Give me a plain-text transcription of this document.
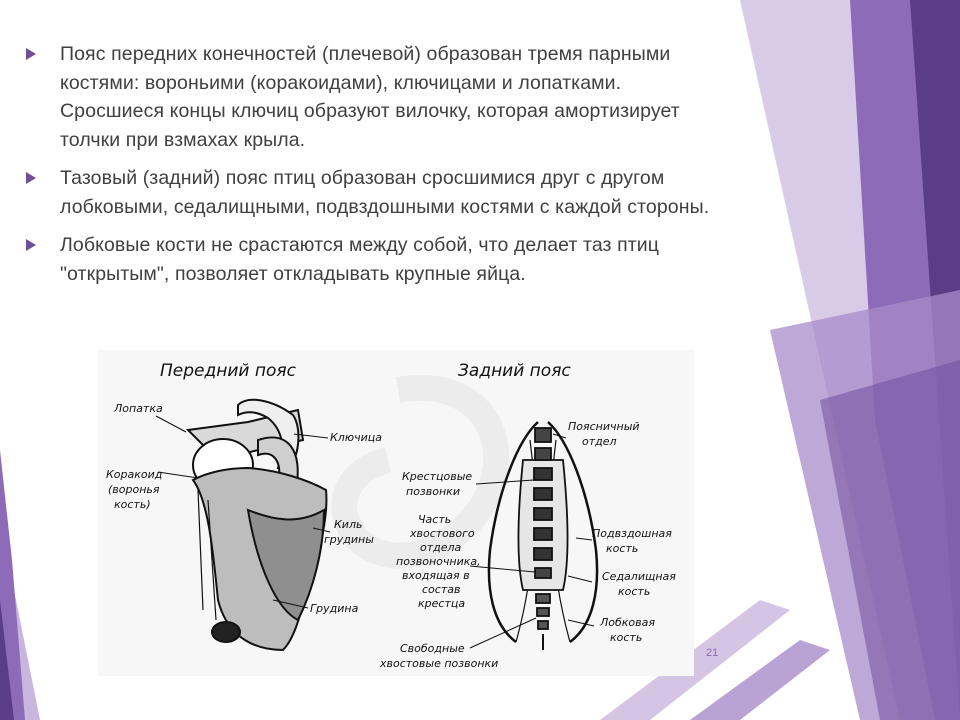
Пояс передних конечностей (плечевой) образован тремя парными костями: вороньими (коракоидами), ключицами и лопатками. Сросшиеся концы ключиц образуют вилочку, которая амортизирует толчки при взмахах крыла.
Тазовый (задний) пояс птиц образован сросшимися друг с другом лобковыми, седалищными, подвздошными костями с каждой стороны.
Лобковые кости не срастаются между собой, что делает таз птиц "открытым", позволяет откладывать крупные яйца.
Передний пояс	Задний пояс
Лопатка
Ключица
Коракоид
(воронья
кость)
Киль
грудины
Грудина
Поясничный
отдел
Крестцовые
позвонки
Часть
хвостового
отдела
позвоночника,
входящая в
состав
крестца
Подвздошная
кость
Седалищная
кость
Лобковая
кость
Свободные
хвостовые позвонки
21
